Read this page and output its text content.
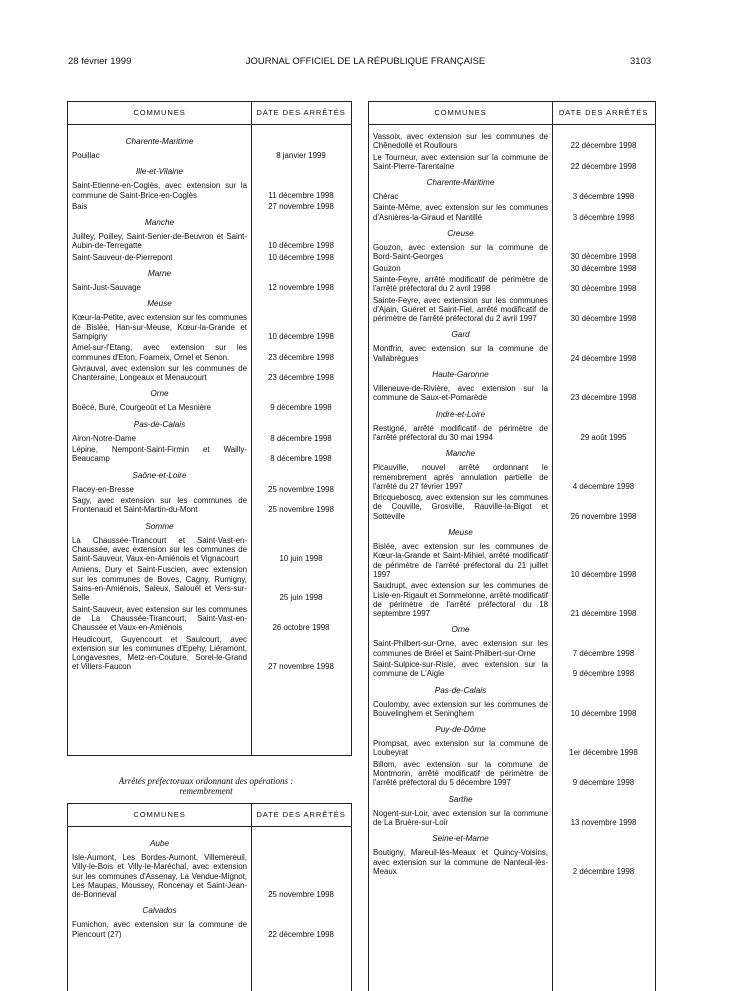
28 février 1999	JOURNAL OFFICIEL DE LA RÉPUBLIQUE FRANÇAISE	3103
COMMUNES	DATE DES ARRÊTÉS
Charente-Maritime
Pouillac	8 janvier 1999
Ille-et-Vilaine
Saint-Etienne-en-Coglès, avec extension sur la commune de Saint-Brice-en-Coglès	11 décembre 1998
Bais	27 novembre 1998
Manche
Juilley, Poilley, Saint-Senier-de-Beuvron et Saint-Aubin-de-Terregatte	10 décembre 1998
Saint-Sauveur-de-Pierrepont	10 décembre 1998
Marne
Saint-Just-Sauvage	12 novembre 1998
Meuse
Kœur-la-Petite, avec extension sur les communes de Bislée, Han-sur-Meuse, Kœur-la-Grande et Sampigny	10 décembre 1998
Amel-sur-l'Etang, avec extension sur les communes d'Eton, Foameix, Ornel et Senon.	23 décembre 1998
Givrauval, avec extension sur les communes de Chanteraine, Longeaux et Menaucourt	23 décembre 1998
Orne
Boëcé, Buré, Courgeoût et La Mesnière	9 décembre 1998
Pas-de-Calais
Airon-Notre-Dame	8 décembre 1998
Lépine, Nempont-Saint-Firmin et Wailly-Beaucamp	8 décembre 1998
Saône-et-Loire
Flacey-en-Bresse	25 novembre 1998
Sagy, avec extension sur les communes de Frontenaud et Saint-Martin-du-Mont	25 novembre 1998
Somme
La Chaussée-Tirancourt et Saint-Vast-en-Chaussée, avec extension sur les communes de Saint-Sauveur, Vaux-en-Amiénois et Vignacourt	10 juin 1998
Amiens, Dury et Saint-Fuscien, avec extension sur les communes de Boves, Cagny, Rumigny, Sains-en-Amiénois, Saleux, Salouël et Vers-sur-Selle	25 juin 1998
Saint-Sauveur, avec extension sur les communes de La Chaussée-Tirancourt, Saint-Vast-en-Chaussée et Vaux-en-Amiénois	26 octobre 1998
Heudicourt, Guyencourt et Saulcourt, avec extension sur les communes d'Epehy, Liéramont, Longavesnes, Metz-en-Couture, Sorel-le-Grand et Villers-Faucon	27 novembre 1998
Arrêtés préfectoraux ordonnant des opérations : remembrement
COMMUNES	DATE DES ARRÊTÉS
Aube
Isle-Aumont, Les Bordes-Aumont, Villemereuil, Villy-le-Bois et Villy-le-Maréchal, avec extension sur les communes d'Assenay, La Vendue-Mignot, Les Maupas, Moussey, Roncenay et Saint-Jean-de-Bonneval	25 novembre 1998
Calvados
Fumichon, avec extension sur la commune de Piencourt (27)	22 décembre 1998
COMMUNES	DATE DES ARRÊTÉS
Vassoix, avec extension sur les communes de Chênedollé et Roullours	22 décembre 1998
Le Tourneur, avec extension sur la commune de Saint-Pierre-Tarentaine	22 décembre 1998
Charente-Maritime
Chérac	3 décembre 1998
Sainte-Même, avec extension sur les communes d'Asnières-la-Giraud et Nantillé	3 décembre 1998
Creuse
Gouzon, avec extension sur la commune de Bord-Saint-Georges	30 décembre 1998
Gouzon	30 décembre 1998
Sainte-Feyre, arrêté modificatif de périmètre de l'arrêté préfectoral du 2 avril 1998	30 décembre 1998
Sainte-Feyre, avec extension sur les communes d'Ajain, Guéret et Saint-Fiel, arrêté modificatif de périmètre de l'arrêté préfectoral du 2 avril 1997	30 décembre 1998
Gard
Montfrin, avec extension sur la commune de Vallabrègues	24 décembre 1998
Haute-Garonne
Villeneuve-de-Rivière, avec extension sur la commune de Saux-et-Pomarède	23 décembre 1998
Indre-et-Loire
Restigné, arrêté modificatif de périmètre de l'arrêté préfectoral du 30 mai 1994	29 août 1995
Manche
Picauville, nouvel arrêté ordonnant le remembrement après annulation partielle de l'arrêté du 27 février 1997	4 décembre 1998
Bricqueboscq, avec extension sur les communes de Couville, Grosville, Rauville-la-Bigot et Sotteville	26 novembre 1998
Meuse
Bislée, avec extension sur les communes de Kœur-la-Grande et Saint-Mihiel, arrêté modificatif de périmètre de l'arrêté préfectoral du 21 juillet 1997	10 décembre 1998
Saudrupt, avec extension sur les communes de Lisle-en-Rigault et Sommelonne, arrêté modificatif de périmètre de l'arrêté préfectoral du 18 septembre 1997	21 décembre 1998
Orne
Saint-Philbert-sur-Orne, avec extension sur les communes de Bréel et Saint-Philbert-sur-Orne	7 décembre 1998
Saint-Sulpice-sur-Risle, avec extension sur la commune de L'Aigle	9 décembre 1998
Pas-de-Calais
Coulomby, avec extension sur les communes de Bouvelinghem et Seninghem	10 décembre 1998
Puy-de-Dôme
Prompsat, avec extension sur la commune de Loubeyrat	1er décembre 1998
Billom, avec extension sur la commune de Montmorin, arrêté modificatif de périmètre de l'arrêté préfectoral du 5 décembre 1997	9 décembre 1998
Sarthe
Nogent-sur-Loir, avec extension sur la commune de La Bruère-sur-Loir	13 novembre 1998
Seine-et-Marne
Boutigny, Mareuil-lès-Meaux et Quincy-Voisins, avec extension sur la commune de Nanteuil-lès-Meaux	2 décembre 1998
